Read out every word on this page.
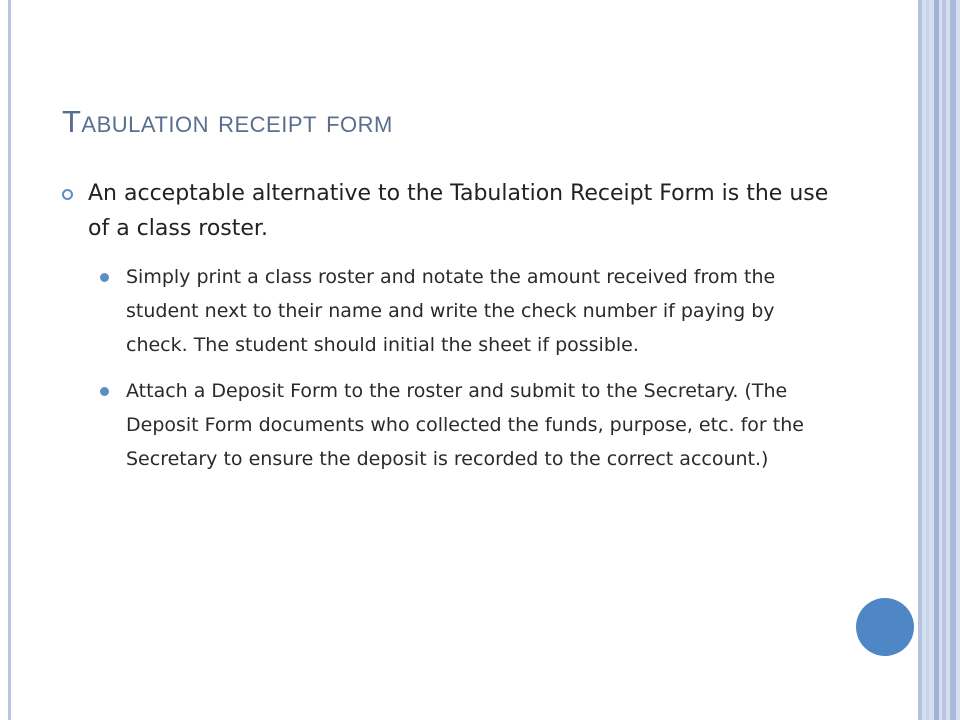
Tabulation receipt form
An acceptable alternative to the Tabulation Receipt Form is the use of a class roster.
Simply print a class roster and notate the amount received from the student next to their name and write the check number if paying by check. The student should initial the sheet if possible.
Attach a Deposit Form to the roster and submit to the Secretary. (The Deposit Form documents who collected the funds, purpose, etc. for the Secretary to ensure the deposit is recorded to the correct account.)
